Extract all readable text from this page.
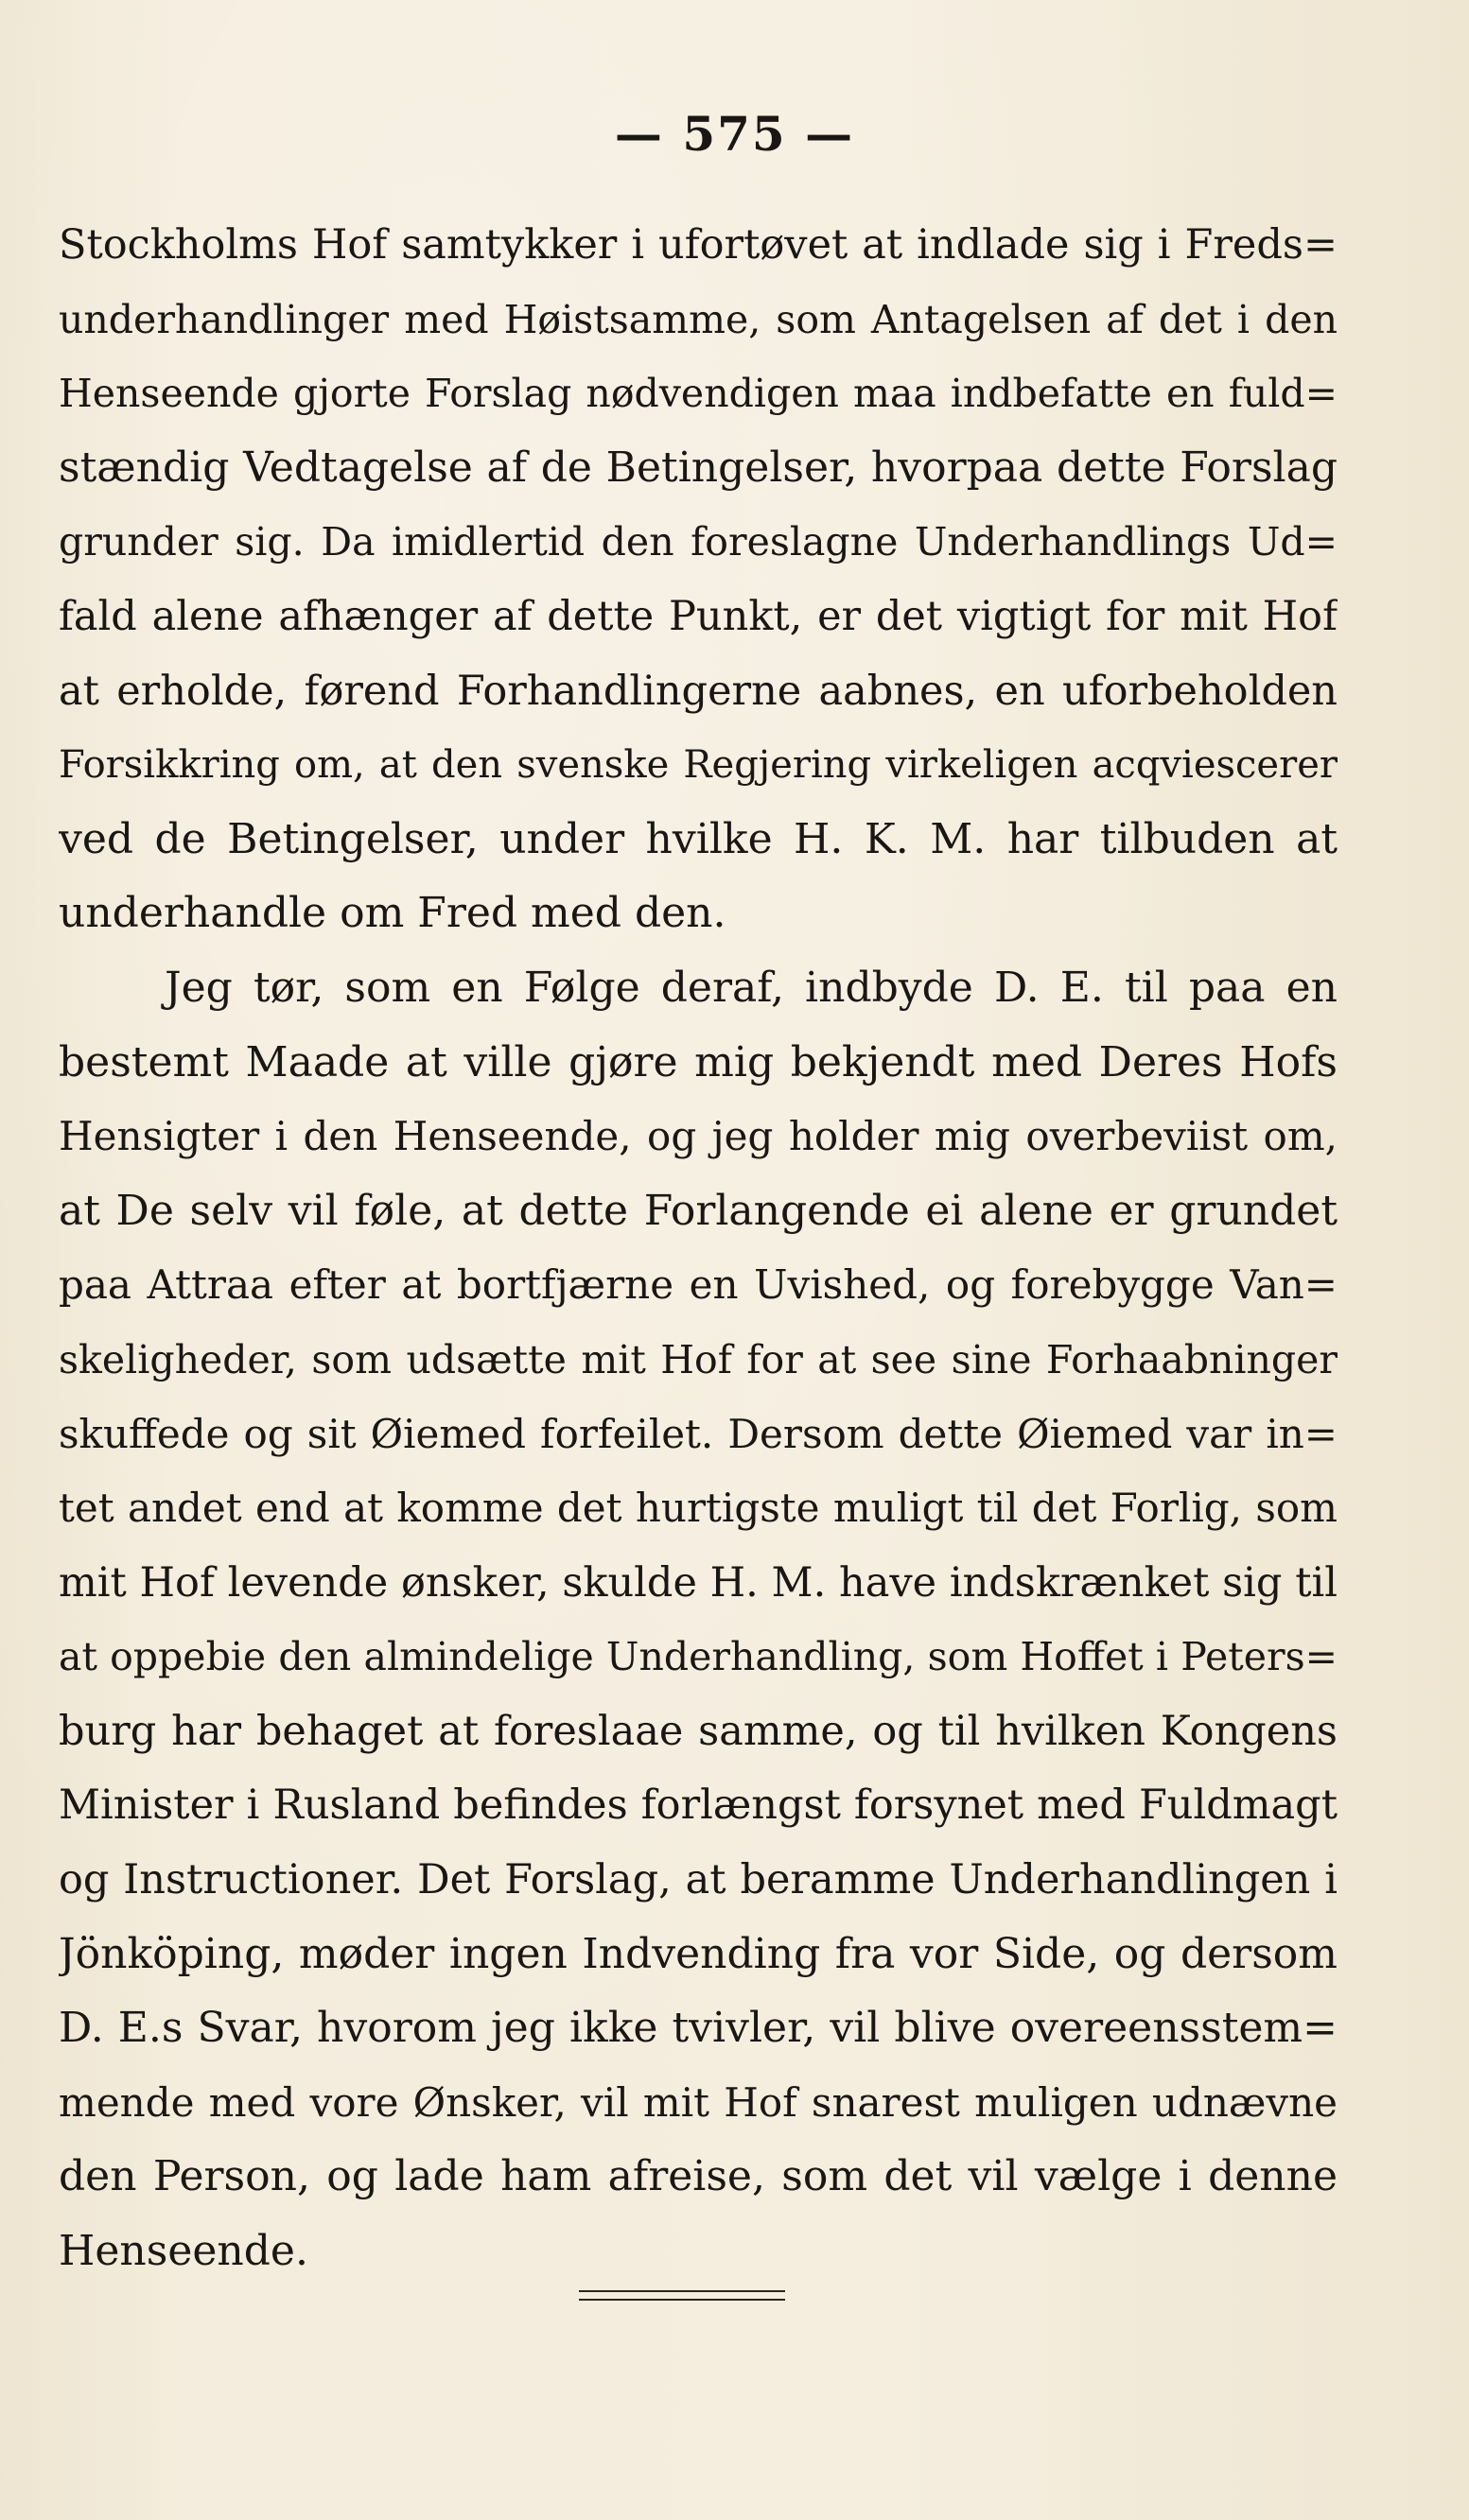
— 575 —
Stockholms Hof samtykker i ufortøvet at indlade sig i Freds=
underhandlinger med Høistsamme, som Antagelsen af det i den
Henseende gjorte Forslag nødvendigen maa indbefatte en fuld=
stændig Vedtagelse af de Betingelser, hvorpaa dette Forslag
grunder sig. Da imidlertid den foreslagne Underhandlings Ud=
fald alene afhænger af dette Punkt, er det vigtigt for mit Hof
at erholde, førend Forhandlingerne aabnes, en uforbeholden
Forsikkring om, at den svenske Regjering virkeligen acqviescerer
ved de Betingelser, under hvilke H. K. M. har tilbuden at
underhandle om Fred med den.
Jeg tør, som en Følge deraf, indbyde D. E. til paa en
bestemt Maade at ville gjøre mig bekjendt med Deres Hofs
Hensigter i den Henseende, og jeg holder mig overbeviist om,
at De selv vil føle, at dette Forlangende ei alene er grundet
paa Attraa efter at bortfjærne en Uvished, og forebygge Van=
skeligheder, som udsætte mit Hof for at see sine Forhaabninger
skuffede og sit Øiemed forfeilet. Dersom dette Øiemed var in=
tet andet end at komme det hurtigste muligt til det Forlig, som
mit Hof levende ønsker, skulde H. M. have indskrænket sig til
at oppebie den almindelige Underhandling, som Hoffet i Peters=
burg har behaget at foreslaae samme, og til hvilken Kongens
Minister i Rusland befindes forlængst forsynet med Fuldmagt
og Instructioner. Det Forslag, at beramme Underhandlingen i
Jönköping, møder ingen Indvending fra vor Side, og dersom
D. E.s Svar, hvorom jeg ikke tvivler, vil blive overeensstem=
mende med vore Ønsker, vil mit Hof snarest muligen udnævne
den Person, og lade ham afreise, som det vil vælge i denne
Henseende.
